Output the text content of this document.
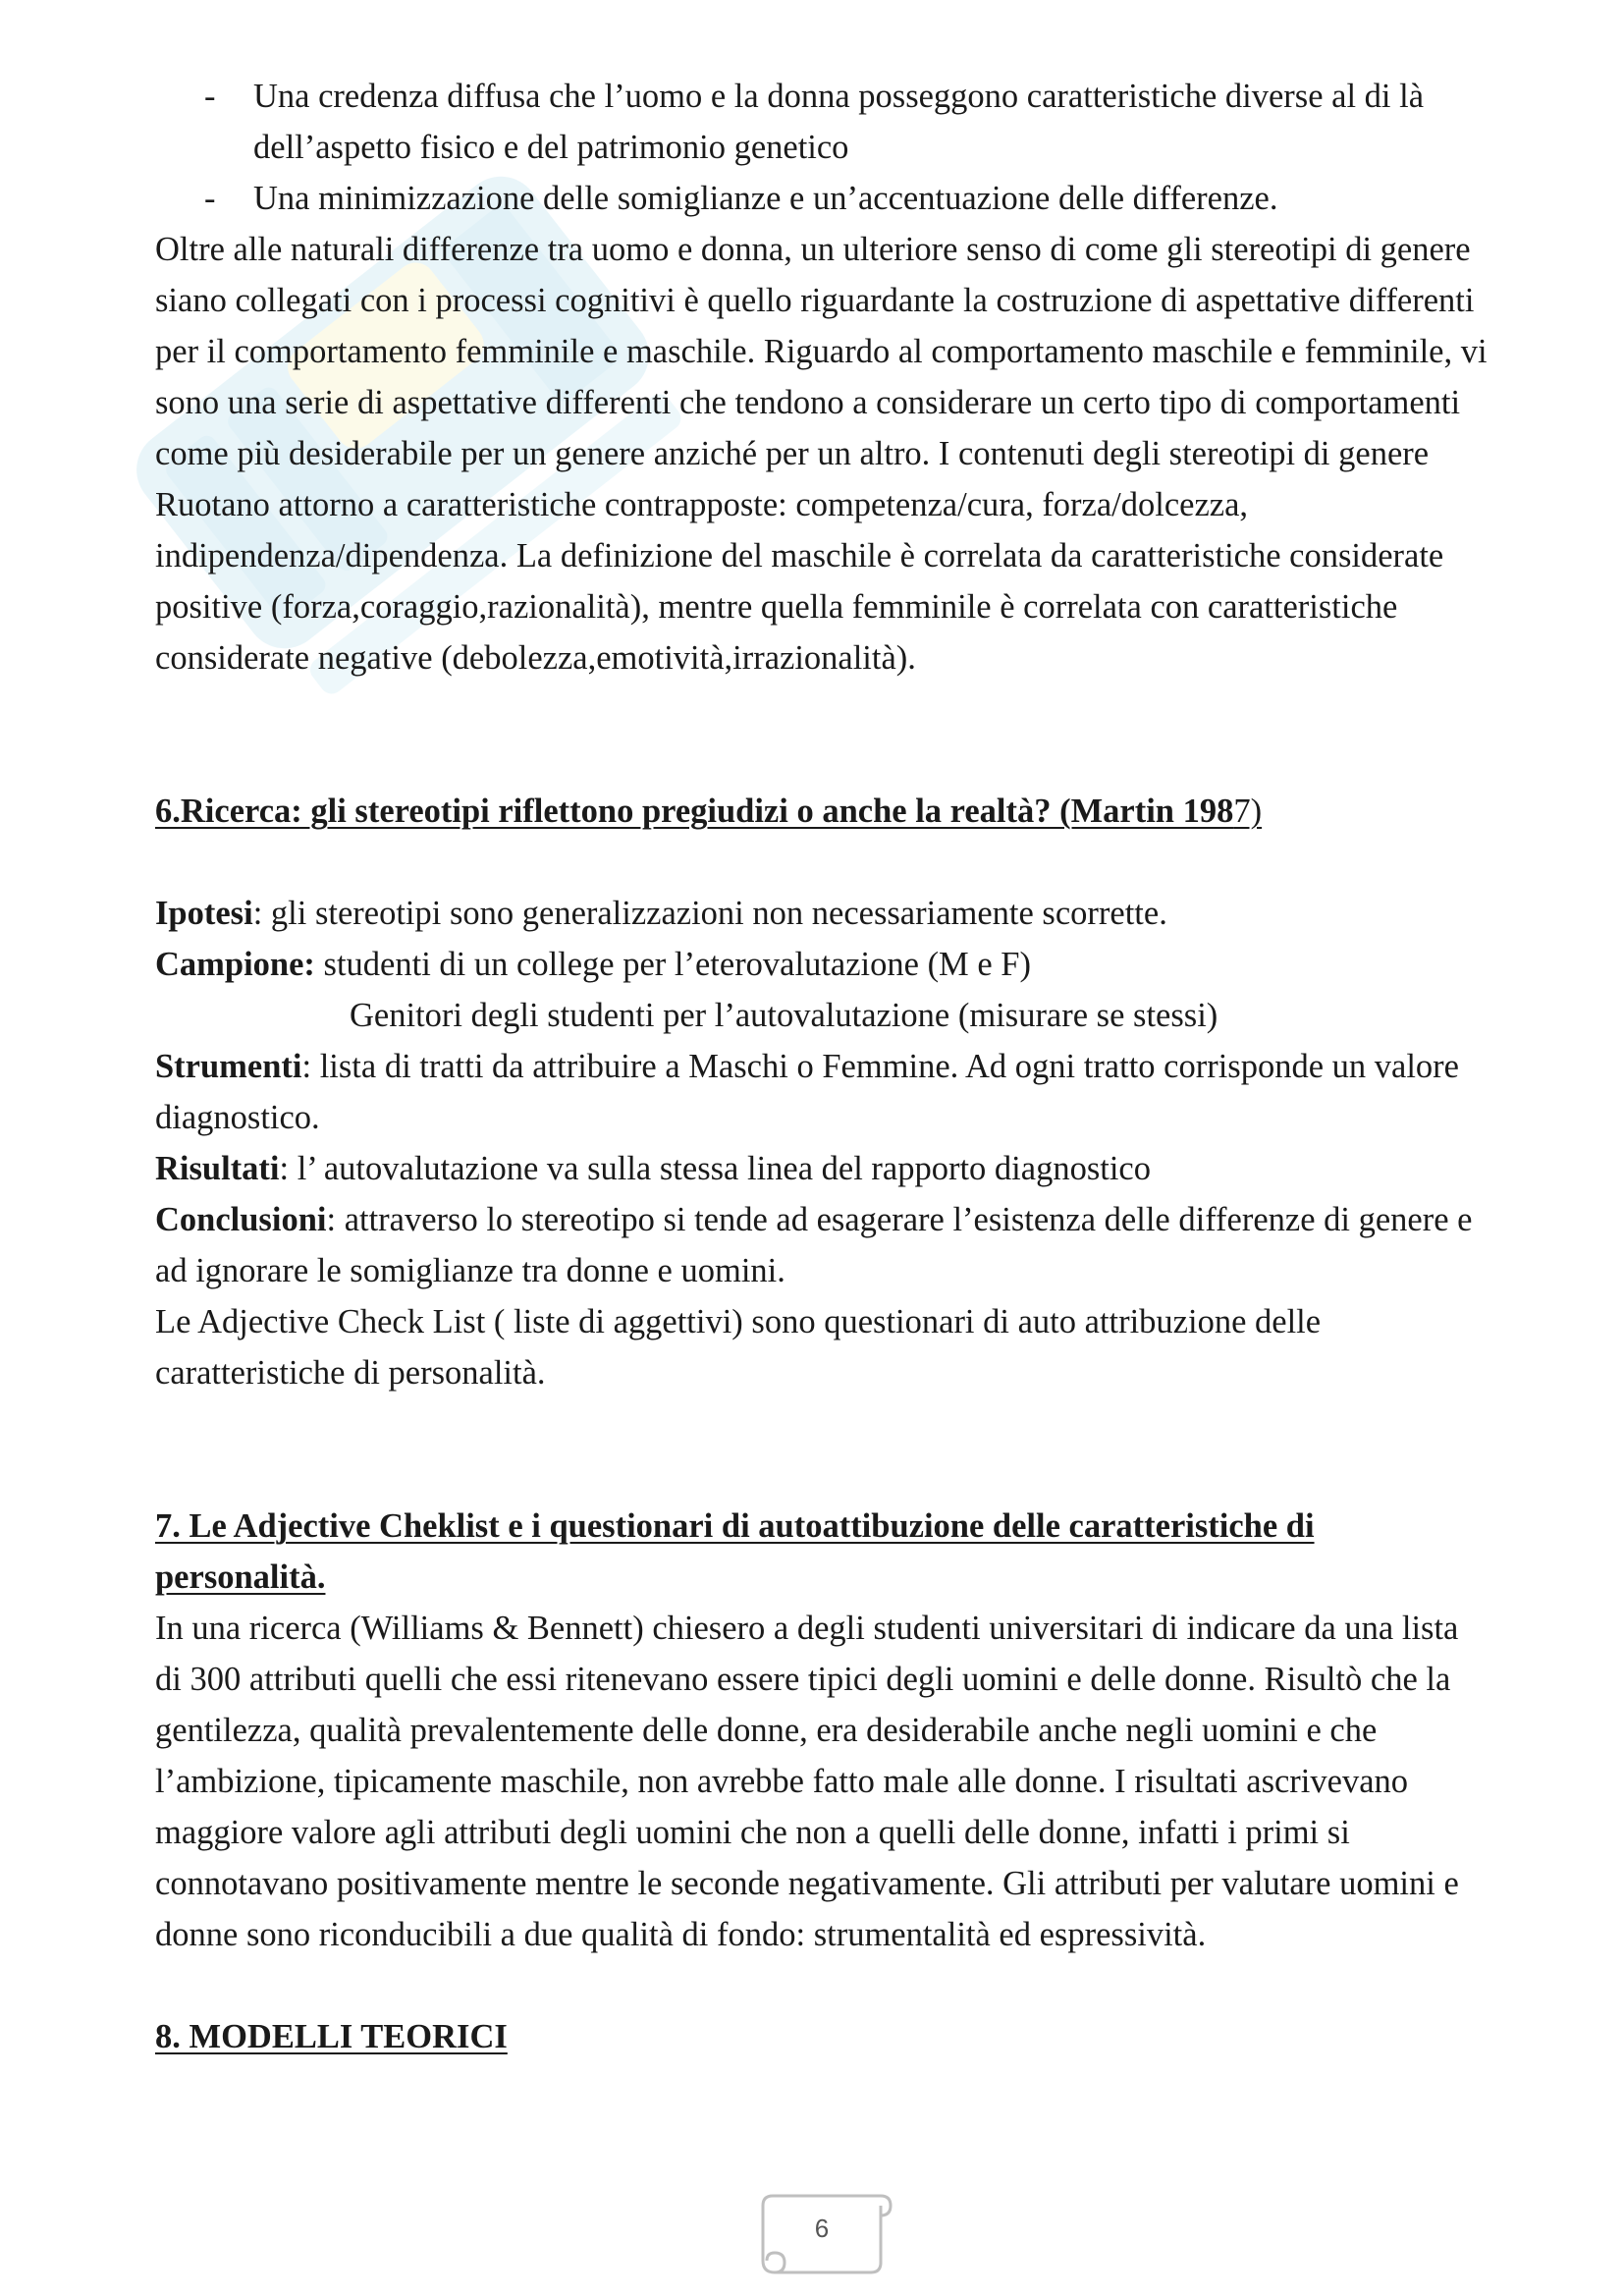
-	Una credenza diffusa che l’uomo e la donna posseggono caratteristiche diverse al di là dell’aspetto fisico e del patrimonio genetico
-	Una minimizzazione delle somiglianze e un’accentuazione delle differenze.

Oltre alle naturali differenze tra uomo e donna, un ulteriore senso di come gli stereotipi di genere siano collegati con i processi cognitivi è quello riguardante la costruzione di aspettative differenti per il comportamento femminile e maschile. Riguardo al comportamento maschile e femminile, vi sono una serie di aspettative differenti che tendono a considerare un certo tipo di comportamenti come più desiderabile per un genere anziché per un altro. I contenuti degli stereotipi di genere Ruotano attorno a caratteristiche contrapposte: competenza/cura, forza/dolcezza, indipendenza/dipendenza. La definizione del maschile è correlata da caratteristiche considerate positive (forza,coraggio,razionalità), mentre quella femminile è correlata con caratteristiche considerate negative (debolezza,emotività,irrazionalità).

6.Ricerca: gli stereotipi riflettono pregiudizi o anche la realtà? (Martin 1987)

Ipotesi: gli stereotipi sono generalizzazioni non necessariamente scorrette.

Campione: studenti di un college per l’eterovalutazione (M e F)

Genitori degli studenti per l’autovalutazione (misurare se stessi)

Strumenti: lista di tratti da attribuire a Maschi o Femmine. Ad ogni tratto corrisponde un valore diagnostico.

Risultati: l’ autovalutazione va sulla stessa linea del rapporto diagnostico

Conclusioni: attraverso lo stereotipo si tende ad esagerare l’esistenza delle differenze di genere e ad ignorare le somiglianze tra donne e uomini.

Le Adjective Check List ( liste di aggettivi) sono questionari di auto attribuzione delle caratteristiche di personalità.

7. Le Adjective Cheklist e i questionari di autoattibuzione delle caratteristiche di personalità.

In una ricerca (Williams & Bennett) chiesero a degli studenti universitari di indicare da una lista di 300 attributi quelli che essi ritenevano essere tipici degli uomini e delle donne. Risultò che la gentilezza, qualità prevalentemente delle donne, era desiderabile anche negli uomini e che l’ambizione, tipicamente maschile, non avrebbe fatto male alle donne. I risultati ascrivevano maggiore valore agli attributi degli uomini che non a quelli delle donne, infatti i primi si connotavano positivamente mentre le seconde negativamente. Gli attributi per valutare uomini e donne sono riconducibili a due qualità di fondo: strumentalità ed espressività.

8. MODELLI TEORICI

6
